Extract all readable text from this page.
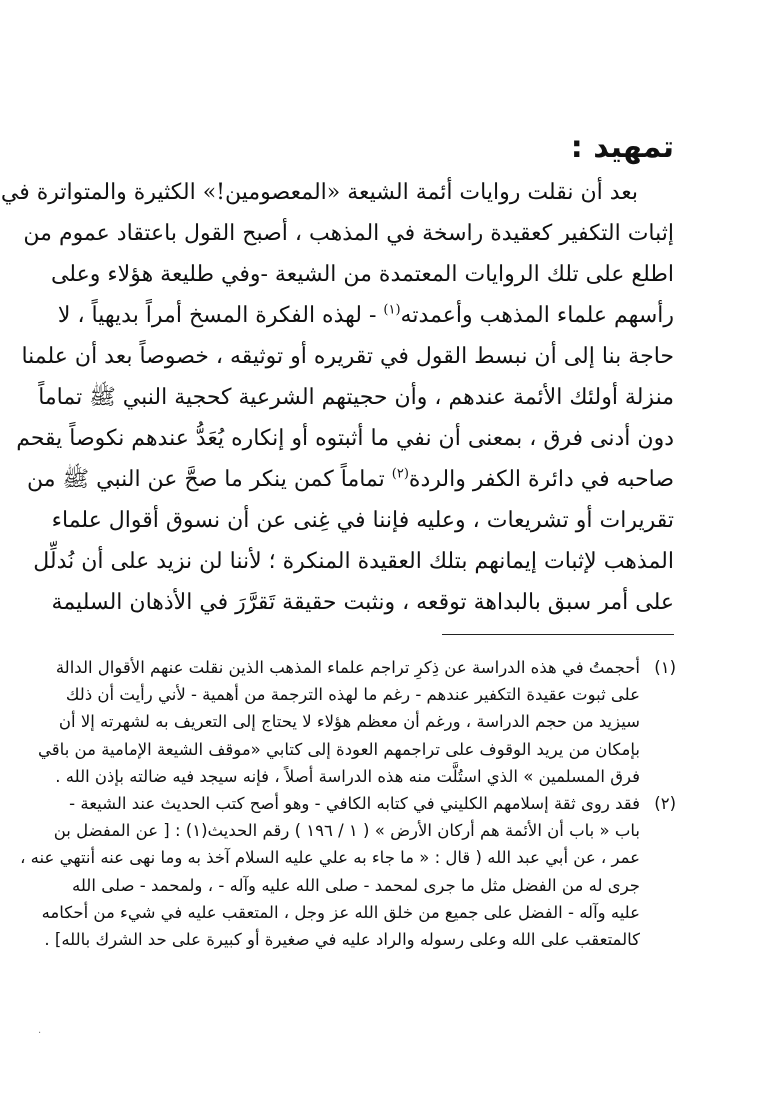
تمهيد :
بعد أن نقلت روايات أئمة الشيعة «المعصومين!» الكثيرة والمتواترة في
إثبات التكفير كعقيدة راسخة في المذهب ، أصبح القول باعتقاد عموم من
اطلع على تلك الروايات المعتمدة من الشيعة -وفي طليعة هؤلاء وعلى
رأسهم علماء المذهب وأعمدته$^{(١)}$ - لهذه الفكرة المسخ أمراً بديهياً ، لا
حاجة بنا إلى أن نبسط القول في تقريره أو توثيقه ، خصوصاً بعد أن علمنا
منزلة أولئك الأئمة عندهم ، وأن حجيتهم الشرعية كحجية النبي ﷺ تماماً
دون أدنى فرق ، بمعنى أن نفي ما أثبتوه أو إنكاره يُعَدُّ عندهم نكوصاً يقحم
صاحبه في دائرة الكفر والردة$^{(٢)}$ تماماً كمن ينكر ما صحَّ عن النبي ﷺ من
تقريرات أو تشريعات ، وعليه فإننا في غِنى عن أن نسوق أقوال علماء
المذهب لإثبات إيمانهم بتلك العقيدة المنكرة ؛ لأننا لن نزيد على أن نُدلِّل
على أمر سبق بالبداهة توقعه ، ونثبت حقيقة تَقرَّرَ في الأذهان السليمة
(١)
أحجمتُ في هذه الدراسة عن ذِكرِ تراجم علماء المذهب الذين نقلت عنهم الأقوال الدالة
على ثبوت عقيدة التكفير عندهم - رغم ما لهذه الترجمة من أهمية - لأني رأيت أن ذلك
سيزيد من حجم الدراسة ، ورغم أن معظم هؤلاء لا يحتاج إلى التعريف به لشهرته إلا أن
بإمكان من يريد الوقوف على تراجمهم العودة إلى كتابي «موقف الشيعة الإمامية من باقي
فرق المسلمين » الذي استُلَّت منه هذه الدراسة أصلاً ، فإنه سيجد فيه ضالته بإذن الله .
(٢)
فقد روى ثقة إسلامهم الكليني في كتابه الكافي - وهو أصح كتب الحديث عند الشيعة -
باب « باب أن الأئمة هم أركان الأرض » ( ١ / ١٩٦ ) رقم الحديث(١) : [ عن المفضل بن
عمر ، عن أبي عبد الله ( قال : « ما جاء به علي عليه السلام آخذ به وما نهى عنه أنتهي عنه ،
جرى له من الفضل مثل ما جرى لمحمد - صلى الله عليه وآله - ، ولمحمد - صلى الله
عليه وآله - الفضل على جميع من خلق الله عز وجل ، المتعقب عليه في شيء من أحكامه
كالمتعقب على الله وعلى رسوله والراد عليه في صغيرة أو كبيرة على حد الشرك بالله] .
·
